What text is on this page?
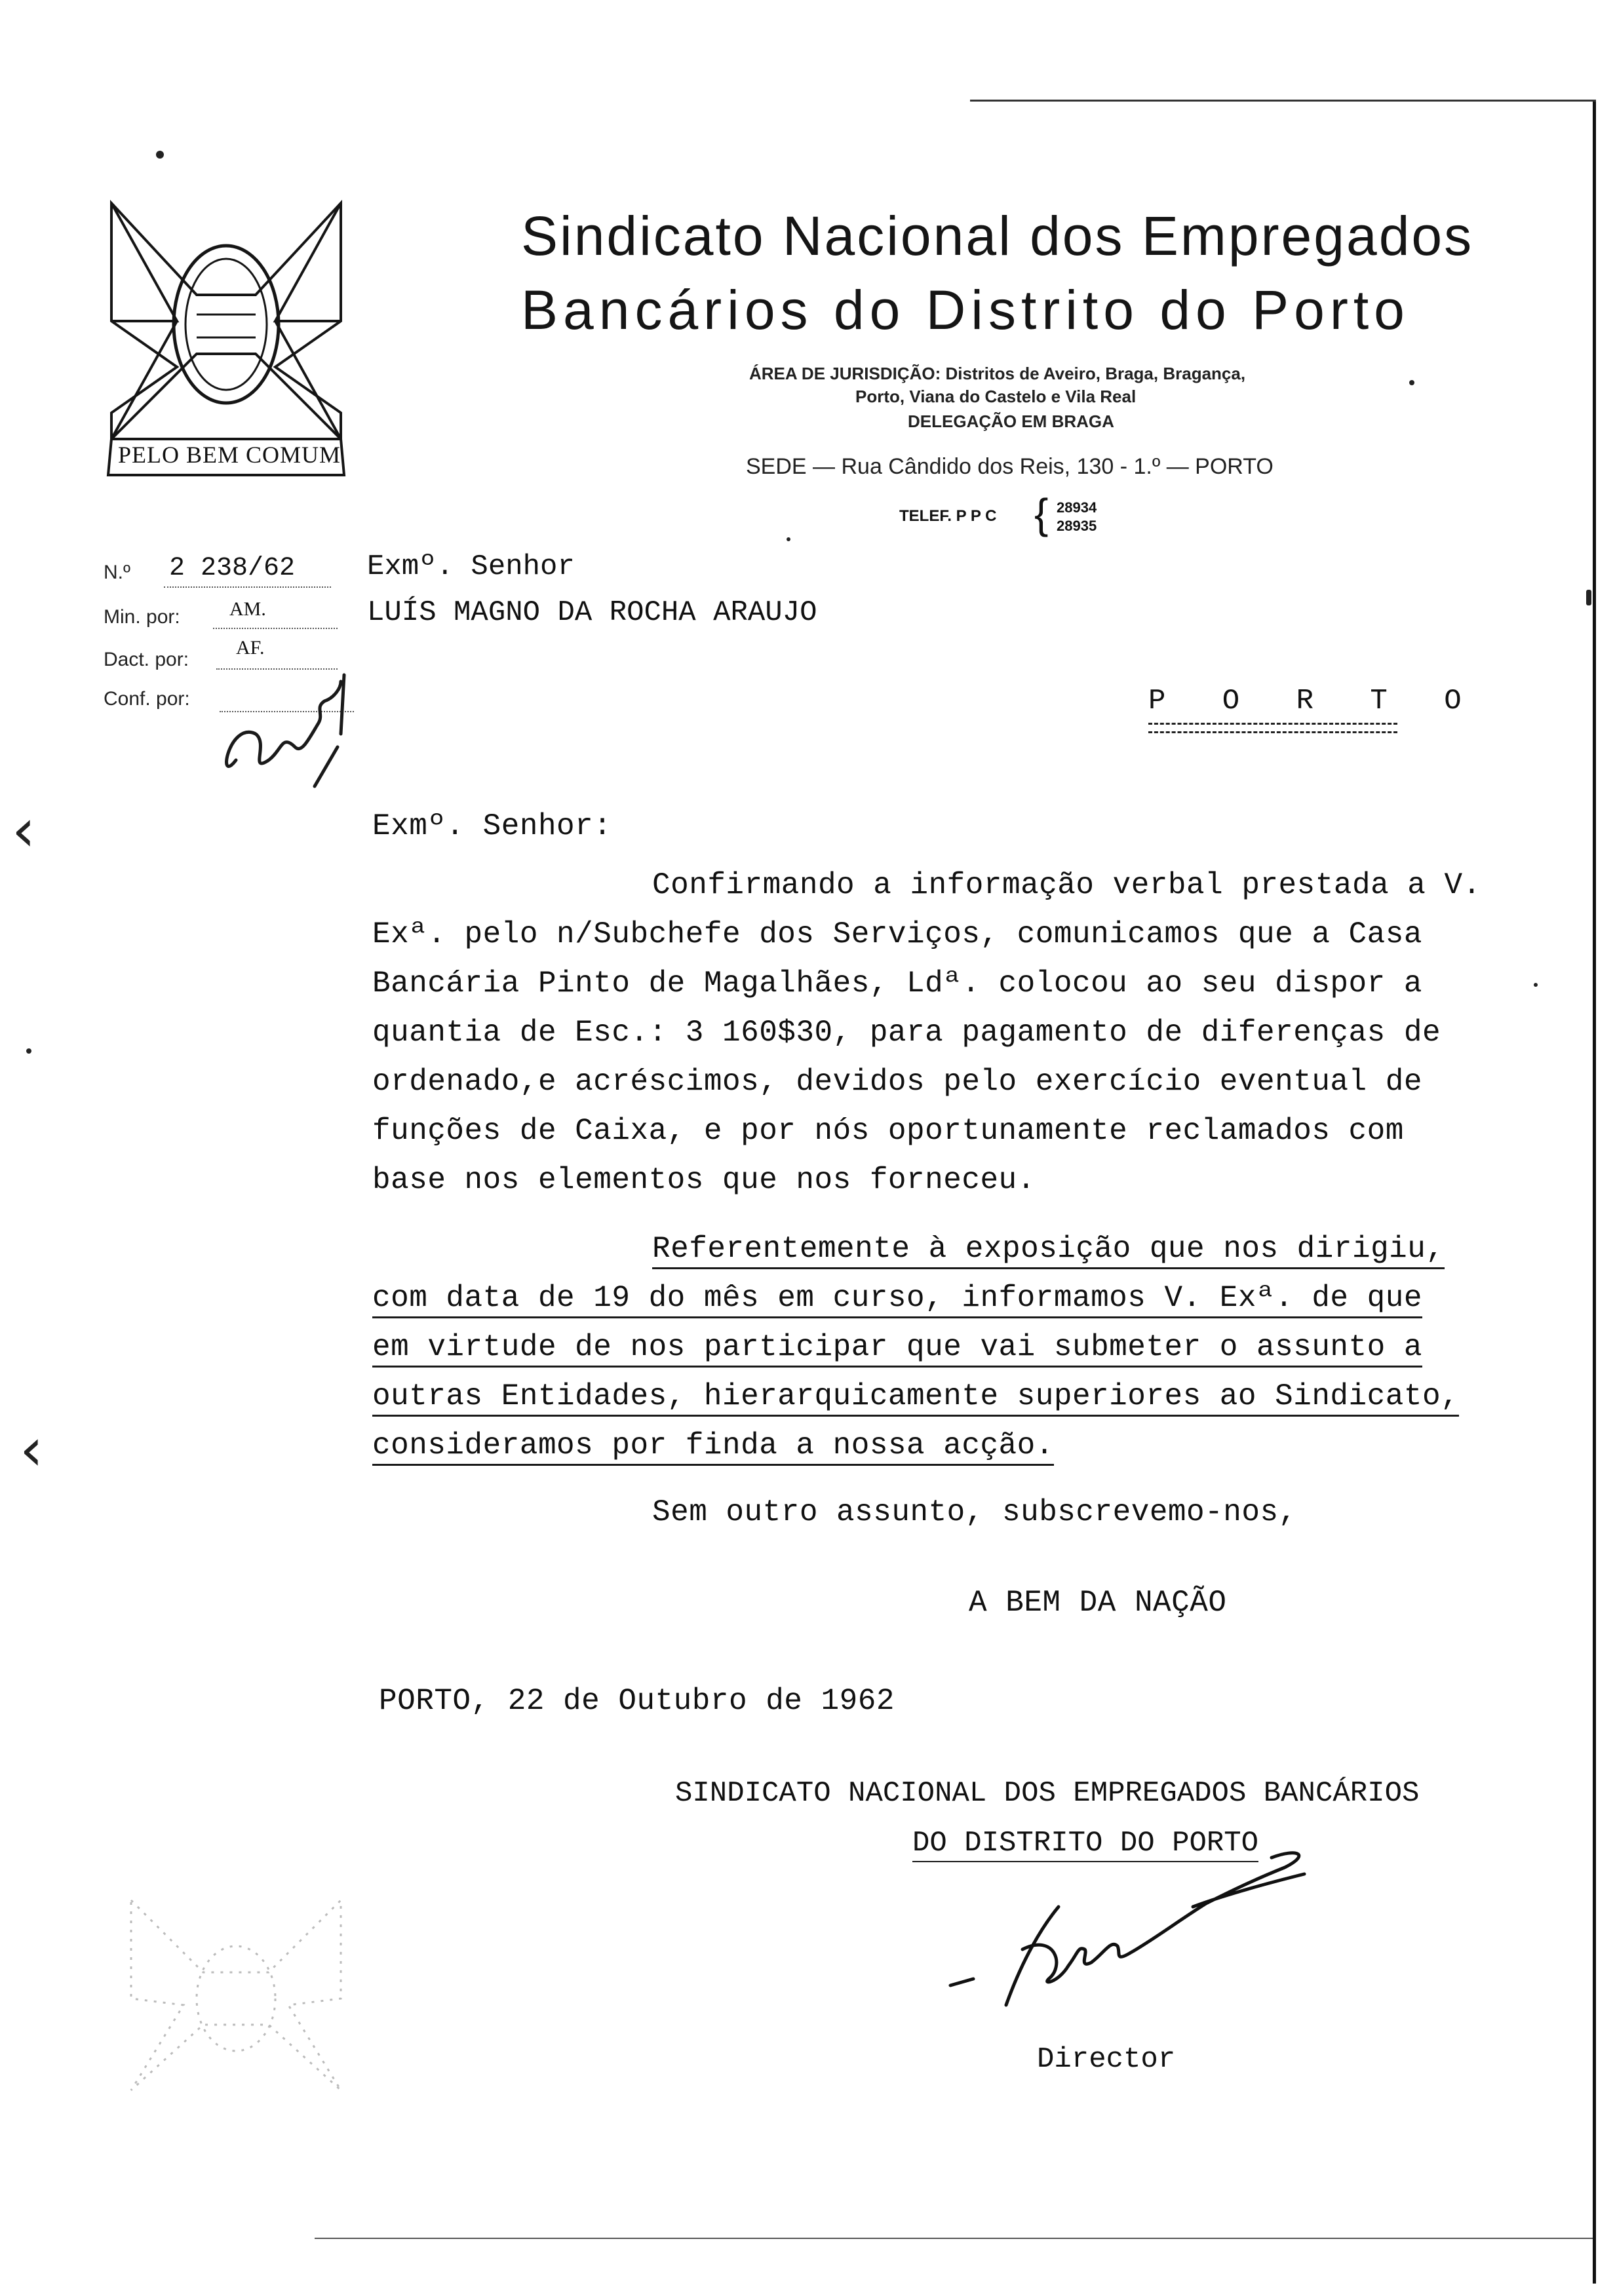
PELO BEM COMUM
Sindicato Nacional dos Empregados
Bancários do Distrito do Porto
ÁREA DE JURISDIÇÃO: Distritos de Aveiro, Braga, Bragança,
Porto, Viana do Castelo e Vila Real
DELEGAÇÃO EM BRAGA
SEDE — Rua Cândido dos Reis, 130 - 1.º — PORTO
TELEF. P P C { 28934
28935
N.º 2 238/62
Min. por:	AM.
Dact. por:
AF.
Conf. por:
Exmº. Senhor
LUÍS MAGNO DA ROCHA ARAUJO
P O R T O
Exmº. Senhor:
Confirmando a informação verbal prestada a V.
Exª. pelo n/Subchefe dos Serviços, comunicamos que a Casa
Bancária Pinto de Magalhães, Ldª. colocou ao seu dispor a
quantia de Esc.: 3 160$30, para pagamento de diferenças de
ordenado,e acréscimos, devidos pelo exercício eventual de
funções de Caixa, e por nós oportunamente reclamados com
base nos elementos que nos forneceu.
Referentemente à exposição que nos dirigiu,
com data de 19 do mês em curso, informamos V. Exª. de que
em virtude de nos participar que vai submeter o assunto a
outras Entidades, hierarquicamente superiores ao Sindicato,
consideramos por finda a nossa acção.
Sem outro assunto, subscrevemo-nos,
A BEM DA NAÇÃO
PORTO, 22 de Outubro de 1962
SINDICATO NACIONAL DOS EMPREGADOS BANCÁRIOS
DO DISTRITO DO PORTO
Director
‹
‹
